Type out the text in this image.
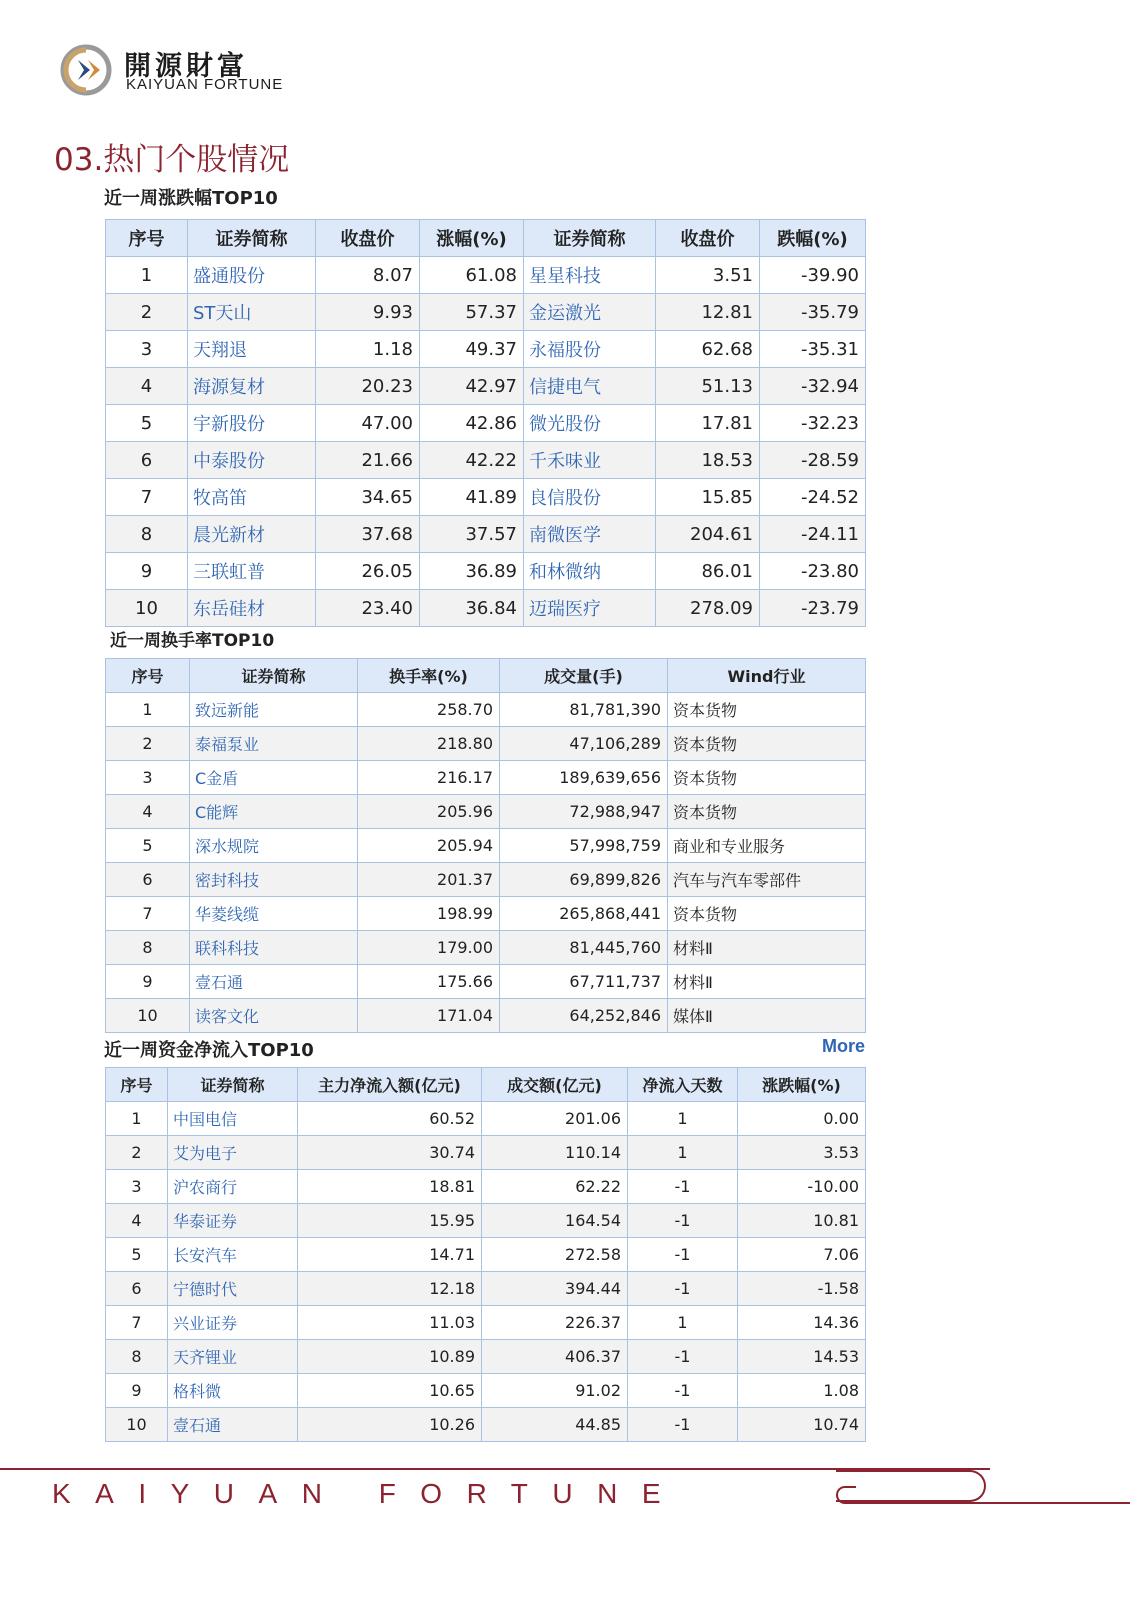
開源財富
KAIYUAN FORTUNE
03.热门个股情况
近一周涨跌幅TOP10
序号	证券简称	收盘价	涨幅(%)	证券简称	收盘价	跌幅(%)
1	盛通股份	8.07	61.08	星星科技	3.51	-39.90
2	ST天山	9.93	57.37	金运激光	12.81	-35.79
3	天翔退	1.18	49.37	永福股份	62.68	-35.31
4	海源复材	20.23	42.97	信捷电气	51.13	-32.94
5	宇新股份	47.00	42.86	微光股份	17.81	-32.23
6	中泰股份	21.66	42.22	千禾味业	18.53	-28.59
7	牧高笛	34.65	41.89	良信股份	15.85	-24.52
8	晨光新材	37.68	37.57	南微医学	204.61	-24.11
9	三联虹普	26.05	36.89	和林微纳	86.01	-23.80
10	东岳硅材	23.40	36.84	迈瑞医疗	278.09	-23.79
近一周换手率TOP10
序号	证券简称	换手率(%)	成交量(手)	Wind行业
1	致远新能	258.70	81,781,390	资本货物
2	泰福泵业	218.80	47,106,289	资本货物
3	C金盾	216.17	189,639,656	资本货物
4	C能辉	205.96	72,988,947	资本货物
5	深水规院	205.94	57,998,759	商业和专业服务
6	密封科技	201.37	69,899,826	汽车与汽车零部件
7	华菱线缆	198.99	265,868,441	资本货物
8	联科科技	179.00	81,445,760	材料Ⅱ
9	壹石通	175.66	67,711,737	材料Ⅱ
10	读客文化	171.04	64,252,846	媒体Ⅱ
近一周资金净流入TOP10	More
序号	证券简称	主力净流入额(亿元)	成交额(亿元)	净流入天数	涨跌幅(%)
1	中国电信	60.52	201.06	1	0.00
2	艾为电子	30.74	110.14	1	3.53
3	沪农商行	18.81	62.22	-1	-10.00
4	华泰证券	15.95	164.54	-1	10.81
5	长安汽车	14.71	272.58	-1	7.06
6	宁德时代	12.18	394.44	-1	-1.58
7	兴业证券	11.03	226.37	1	14.36
8	天齐锂业	10.89	406.37	-1	14.53
9	格科微	10.65	91.02	-1	1.08
10	壹石通	10.26	44.85	-1	10.74
KAIYUAN FORTUNE
